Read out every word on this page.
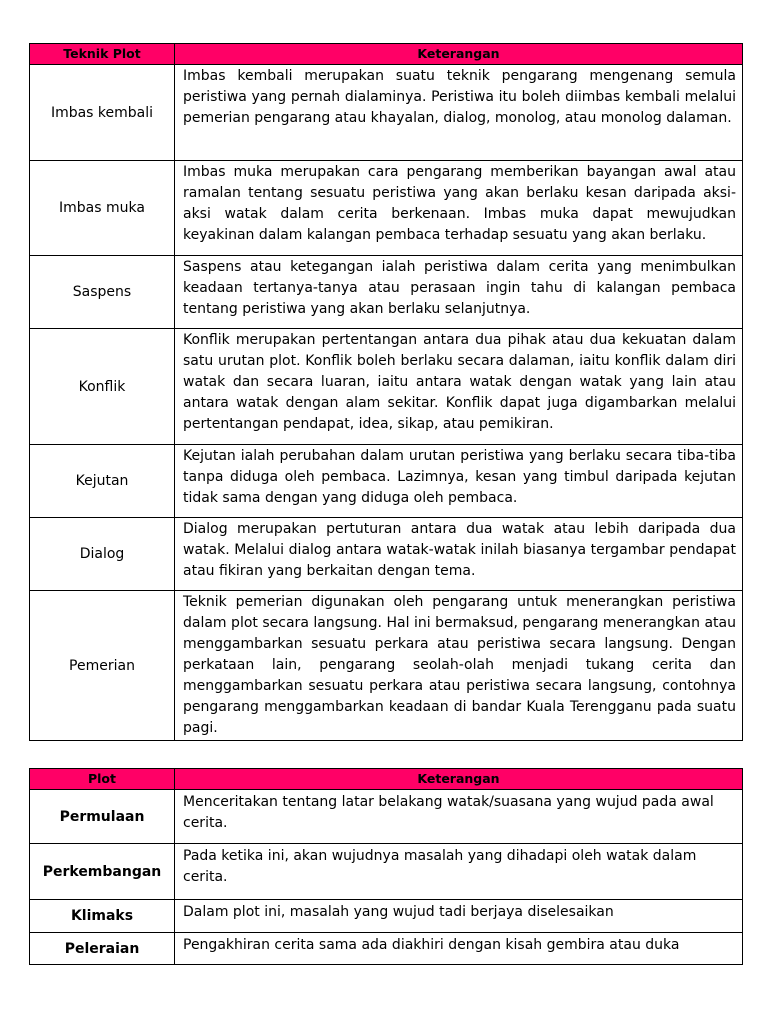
Teknik Plot	Keterangan
Imbas kembali	Imbas kembali merupakan suatu teknik pengarang mengenang semula peristiwa yang pernah dialaminya. Peristiwa itu boleh diimbas kembali melalui pemerian pengarang atau khayalan, dialog, monolog, atau monolog dalaman.
Imbas muka	Imbas muka merupakan cara pengarang memberikan bayangan awal atau ramalan tentang sesuatu peristiwa yang akan berlaku kesan daripada aksi-aksi watak dalam cerita berkenaan. Imbas muka dapat mewujudkan keyakinan dalam kalangan pembaca terhadap sesuatu yang akan berlaku.
Saspens	Saspens atau ketegangan ialah peristiwa dalam cerita yang menimbulkan keadaan tertanya-tanya atau perasaan ingin tahu di kalangan pembaca tentang peristiwa yang akan berlaku selanjutnya.
Konflik	Konflik merupakan pertentangan antara dua pihak atau dua kekuatan dalam satu urutan plot. Konflik boleh berlaku secara dalaman, iaitu konflik dalam diri watak dan secara luaran, iaitu antara watak dengan watak yang lain atau antara watak dengan alam sekitar. Konflik dapat juga digambarkan melalui pertentangan pendapat, idea, sikap, atau pemikiran.
Kejutan	Kejutan ialah perubahan dalam urutan peristiwa yang berlaku secara tiba-tiba tanpa diduga oleh pembaca. Lazimnya, kesan yang timbul daripada kejutan tidak sama dengan yang diduga oleh pembaca.
Dialog	Dialog merupakan pertuturan antara dua watak atau lebih daripada dua watak. Melalui dialog antara watak-watak inilah biasanya tergambar pendapat atau fikiran yang berkaitan dengan tema.
Pemerian	Teknik pemerian digunakan oleh pengarang untuk menerangkan peristiwa dalam plot secara langsung. Hal ini bermaksud, pengarang menerangkan atau menggambarkan sesuatu perkara atau peristiwa secara langsung. Dengan perkataan lain, pengarang seolah-olah menjadi tukang cerita dan menggambarkan sesuatu perkara atau peristiwa secara langsung, contohnya pengarang menggambarkan keadaan di bandar Kuala Terengganu pada suatu pagi.
Plot	Keterangan
Permulaan	Menceritakan tentang latar belakang watak/suasana yang wujud pada awal cerita.
Perkembangan	Pada ketika ini, akan wujudnya masalah yang dihadapi oleh watak dalam cerita.
Klimaks	Dalam plot ini, masalah yang wujud tadi berjaya diselesaikan
Peleraian	Pengakhiran cerita sama ada diakhiri dengan kisah gembira atau duka
